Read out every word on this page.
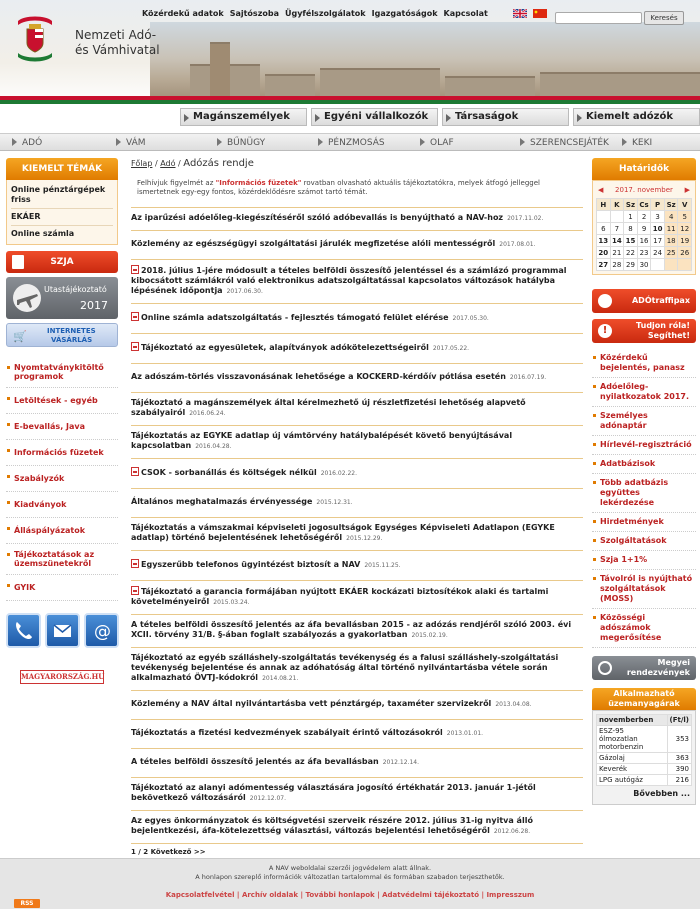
Nemzeti Adó-
és Vámhivatal
Közérdekű adatok Sajtószoba Ügyfélszolgálatok Igazgatóságok Kapcsolat	Keresés
Magánszemélyek	Egyéni vállalkozók	Társaságok	Kiemelt adózók
ADÓ	VÁM	BŰNÜGY	PÉNZMOSÁS	OLAF	SZERENCSEJÁTÉK	KEKI
KIEMELT TÉMÁK
Online pénztárgépek friss
EKÁER
Online számla
SZJA
Utastájékoztató
2017
🛒	INTERNETES
VÁSÁRLÁS
Nyomtatványkitöltő programok
Letöltések - egyéb
E-bevallás, Java
Információs füzetek
Szabályzók
Kiadványok
Álláspályázatok
Tájékoztatások az üzemszünetekről
GYIK
@
MAGYARORSZÁG.HU
Főlap / Adó / Adózás rendje
Felhívjuk figyelmét az "Információs füzetek" rovatban olvasható aktuális tájékoztatókra, melyek átfogó jelleggel ismertetnek egy-egy fontos, közérdeklődésre számot tartó témát.
Az iparűzési adóelőleg-kiegészítéséről szóló adóbevallás is benyújtható a NAV-hoz 2017.11.02.
Közlemény az egészségügyi szolgáltatási járulék megfizetése alóli mentességről 2017.08.01.
2018. július 1-jére módosult a tételes belföldi összesítő jelentéssel és a számlázó programmal kibocsátott számlákról való elektronikus adatszolgáltatással kapcsolatos változások hatályba lépésének időpontja 2017.06.30.
Online számla adatszolgáltatás - fejlesztés támogató felület elérése 2017.05.30.
Tájékoztató az egyesületek, alapítványok adókötelezettségeiről 2017.05.22.
Az adószám-törlés visszavonásának lehetősége a KOCKERD-kérdőív pótlása esetén 2016.07.19.
Tájékoztató a magánszemélyek által kérelmezhető új részletfizetési lehetőség alapvető szabályairól 2016.06.24.
Tájékoztatás az EGYKE adatlap új vámtörvény hatálybalépését követő benyújtásával kapcsolatban 2016.04.28.
CSOK - sorbanállás és költségek nélkül 2016.02.22.
Általános meghatalmazás érvényessége 2015.12.31.
Tájékoztatás a vámszakmai képviseleti jogosultságok Egységes Képviseleti Adatlapon (EGYKE adatlap) történő bejelentésének lehetőségéről 2015.12.29.
Egyszerűbb telefonos ügyintézést biztosít a NAV 2015.11.25.
Tájékoztató a garancia formájában nyújtott EKÁER kockázati biztosítékok alaki és tartalmi követelményeiről 2015.03.24.
A tételes belföldi összesítő jelentés az áfa bevallásban 2015 - az adózás rendjéről szóló 2003. évi XCII. törvény 31/B. §-ában foglalt szabályozás a gyakorlatban 2015.02.19.
Tájékoztató az egyéb szálláshely-szolgáltatás tevékenység és a falusi szálláshely-szolgáltatási tevékenység bejelentése és annak az adóhatóság által történő nyilvántartásba vétele során alkalmazható ÖVTJ-kódokról 2014.08.21.
Közlemény a NAV által nyilvántartásba vett pénztárgép, taxaméter szervizekről 2013.04.08.
Tájékoztatás a fizetési kedvezmények szabályait érintő változásokról 2013.01.01.
A tételes belföldi összesítő jelentés az áfa bevallásban 2012.12.14.
Tájékoztató az alanyi adómentesség választására jogosító értékhatár 2013. január 1-jétől bekövetkező változásáról 2012.12.07.
Az egyes önkormányzatok és költségvetési szerveik részére 2012. július 31-ig nyitva álló bejelentkezési, áfa-kötelezettség választási, változás bejelentési lehetőségéről 2012.06.28.
1 / 2 Következő >>
Határidők
◀ 2017. november ▶
H	K	Sz	Cs	P	Sz	V
		1	2	3	4	5
6	7	8	9	10	11	12
13	14	15	16	17	18	19
20	21	22	23	24	25	26
27	28	29	30			
ADÓtraffipax
!	Tudjon róla!
Segíthet!
Közérdekű bejelentés, panasz
Adóelőleg-nyilatkozatok 2017.
Személyes adónaptár
Hírlevél-regisztráció
Adatbázisok
Több adatbázis együttes lekérdezése
Hirdetmények
Szolgáltatások
Szja 1+1%
Távolról is nyújtható szolgáltatások (MOSS)
Közösségi adószámok megerősítése
Megyei
rendezvények
Alkalmazható
üzemanyagárak
novemberben	(Ft/l)
ESZ-95 ólmozatlan motorbenzin	353
Gázolaj	363
Keverék	390
LPG autógáz	216
Bővebben ...
A NAV weboldalai szerzői jogvédelem alatt állnak.
A honlapon szereplő információk változatlan tartalommal és formában szabadon terjeszthetők.
Kapcsolatfelvétel | Archív oldalak | További honlapok | Adatvédelmi tájékoztató | Impresszum
RSS
